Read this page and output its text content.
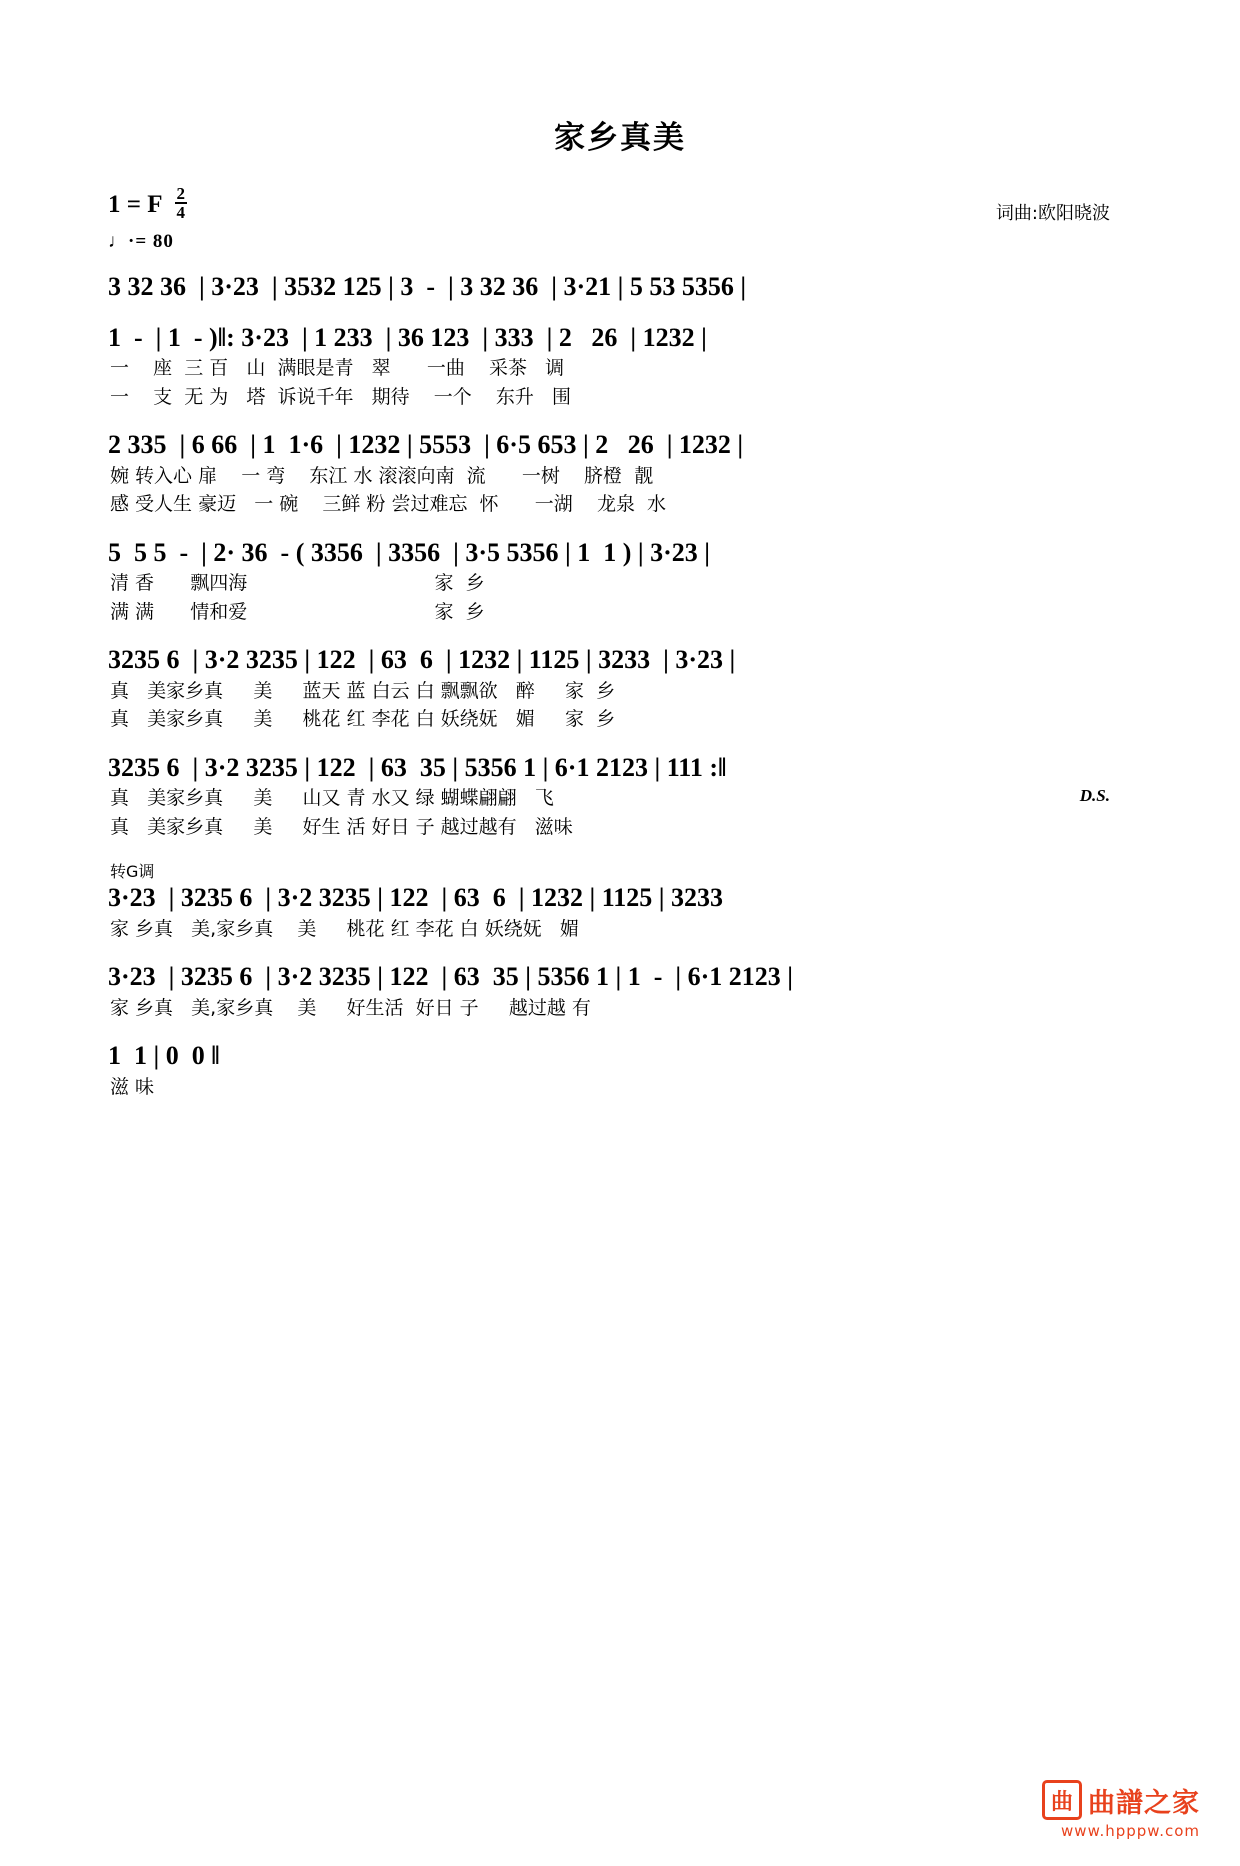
家乡真美
1 = F $\frac{2}{4}$
♩·= 80
词曲:欧阳晓波
3 32 36  | 3·23  | 3532 125 | 3  -  | 3 32 36  | 3·21 | 5 53 5356 |
1  -  | 1  - )‖: 3·23  | 1 233  | 36 123  | 333  | 2   26  | 1232 |
一    座  三 百   山  满眼是青   翠      一曲    采茶   调
一    支  无 为   塔  诉说千年   期待    一个    东升   围
2 335  | 6 66  | 1  1·6  | 1232 | 5553  | 6·5 653 | 2   26  | 1232 |
婉 转入心 扉    一 弯    东江 水 滚滚向南  流      一树    脐橙  靓
感 受人生 豪迈   一 碗    三鲜 粉 尝过难忘  怀      一湖    龙泉  水
5  5 5  -  | 2· 36  - ( 3356  | 3356  | 3·5 5356 | 1  1 ) | 3·23 |
清 香      飘四海                               家  乡
满 满      情和爱                               家  乡
3235 6  | 3·2 3235 | 122  | 63  6  | 1232 | 1125 | 3233  | 3·23 |
真   美家乡真     美     蓝天 蓝 白云 白 飘飘欲   醉     家  乡
真   美家乡真     美     桃花 红 李花 白 妖绕妩   媚     家  乡
3235 6  | 3·2 3235 | 122  | 63  35 | 5356 1 | 6·1 2123 | 111 :‖
D.S.
真   美家乡真     美     山又 青 水又 绿 蝴蝶翩翩   飞
真   美家乡真     美     好生 活 好日 子 越过越有   滋味
转G调
3·23  | 3235 6  | 3·2 3235 | 122  | 63  6  | 1232 | 1125 | 3233
家 乡真   美,家乡真    美     桃花 红 李花 白 妖绕妩   媚
3·23  | 3235 6  | 3·2 3235 | 122  | 63  35 | 5356 1 | 1  -  | 6·1 2123 |
家 乡真   美,家乡真    美     好生活  好日 子     越过越 有
1  1 | 0  0 ‖
滋 味
曲 曲譜之家
www.hpppw.com
